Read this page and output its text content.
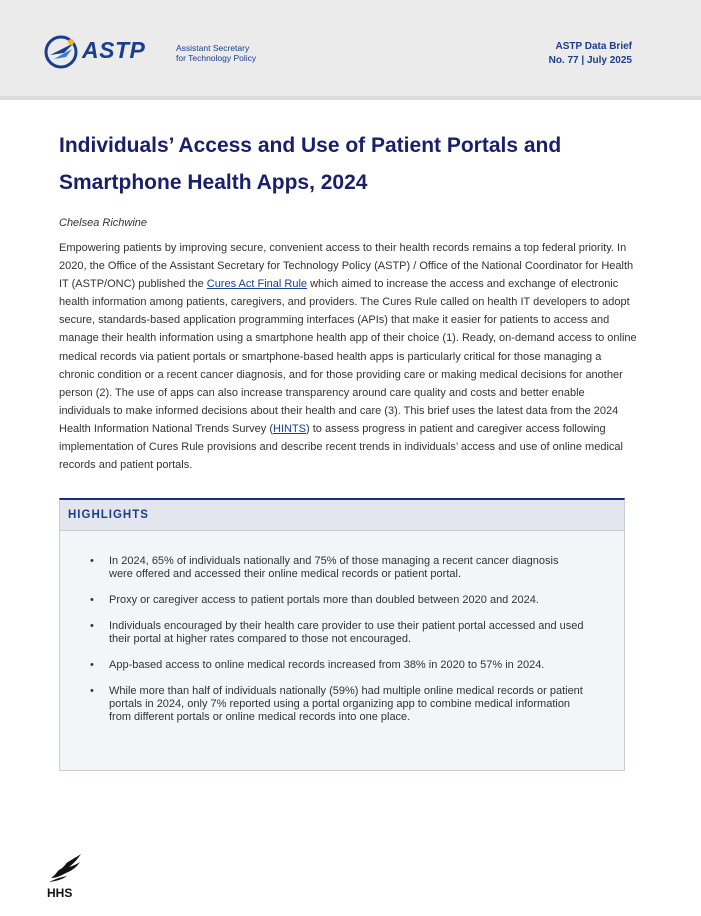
ASTP	Assistant Secretary
for Technology Policy
ASTP Data Brief
No. 77 | July 2025
Individuals’ Access and Use of Patient Portals and
Smartphone Health Apps, 2024
Chelsea Richwine

Empowering patients by improving secure, convenient access to their health records remains a top federal priority. In 2020, the Office of the Assistant Secretary for Technology Policy (ASTP) / Office of the National Coordinator for Health IT (ASTP/ONC) published the Cures Act Final Rule which aimed to increase the access and exchange of electronic health information among patients, caregivers, and providers. The Cures Rule called on health IT developers to adopt secure, standards-based application programming interfaces (APIs) that make it easier for patients to access and manage their health information using a smartphone health app of their choice (1). Ready, on-demand access to online medical records via patient portals or smartphone-based health apps is particularly critical for those managing a chronic condition or a recent cancer diagnosis, and for those providing care or making medical decisions for another person (2). The use of apps can also increase transparency around care quality and costs and better enable individuals to make informed decisions about their health and care (3). This brief uses the latest data from the 2024 Health Information National Trends Survey (HINTS) to assess progress in patient and caregiver access following implementation of Cures Rule provisions and describe recent trends in individuals’ access and use of online medical records and patient portals.

HIGHLIGHTS
• In 2024, 65% of individuals nationally and 75% of those managing a recent cancer diagnosis were offered and accessed their online medical records or patient portal.
• Proxy or caregiver access to patient portals more than doubled between 2020 and 2024.
• Individuals encouraged by their health care provider to use their patient portal accessed and used their portal at higher rates compared to those not encouraged.
• App-based access to online medical records increased from 38% in 2020 to 57% in 2024.
• While more than half of individuals nationally (59%) had multiple online medical records or patient portals in 2024, only 7% reported using a portal organizing app to combine medical information from different portals or online medical records into one place.
HHS
